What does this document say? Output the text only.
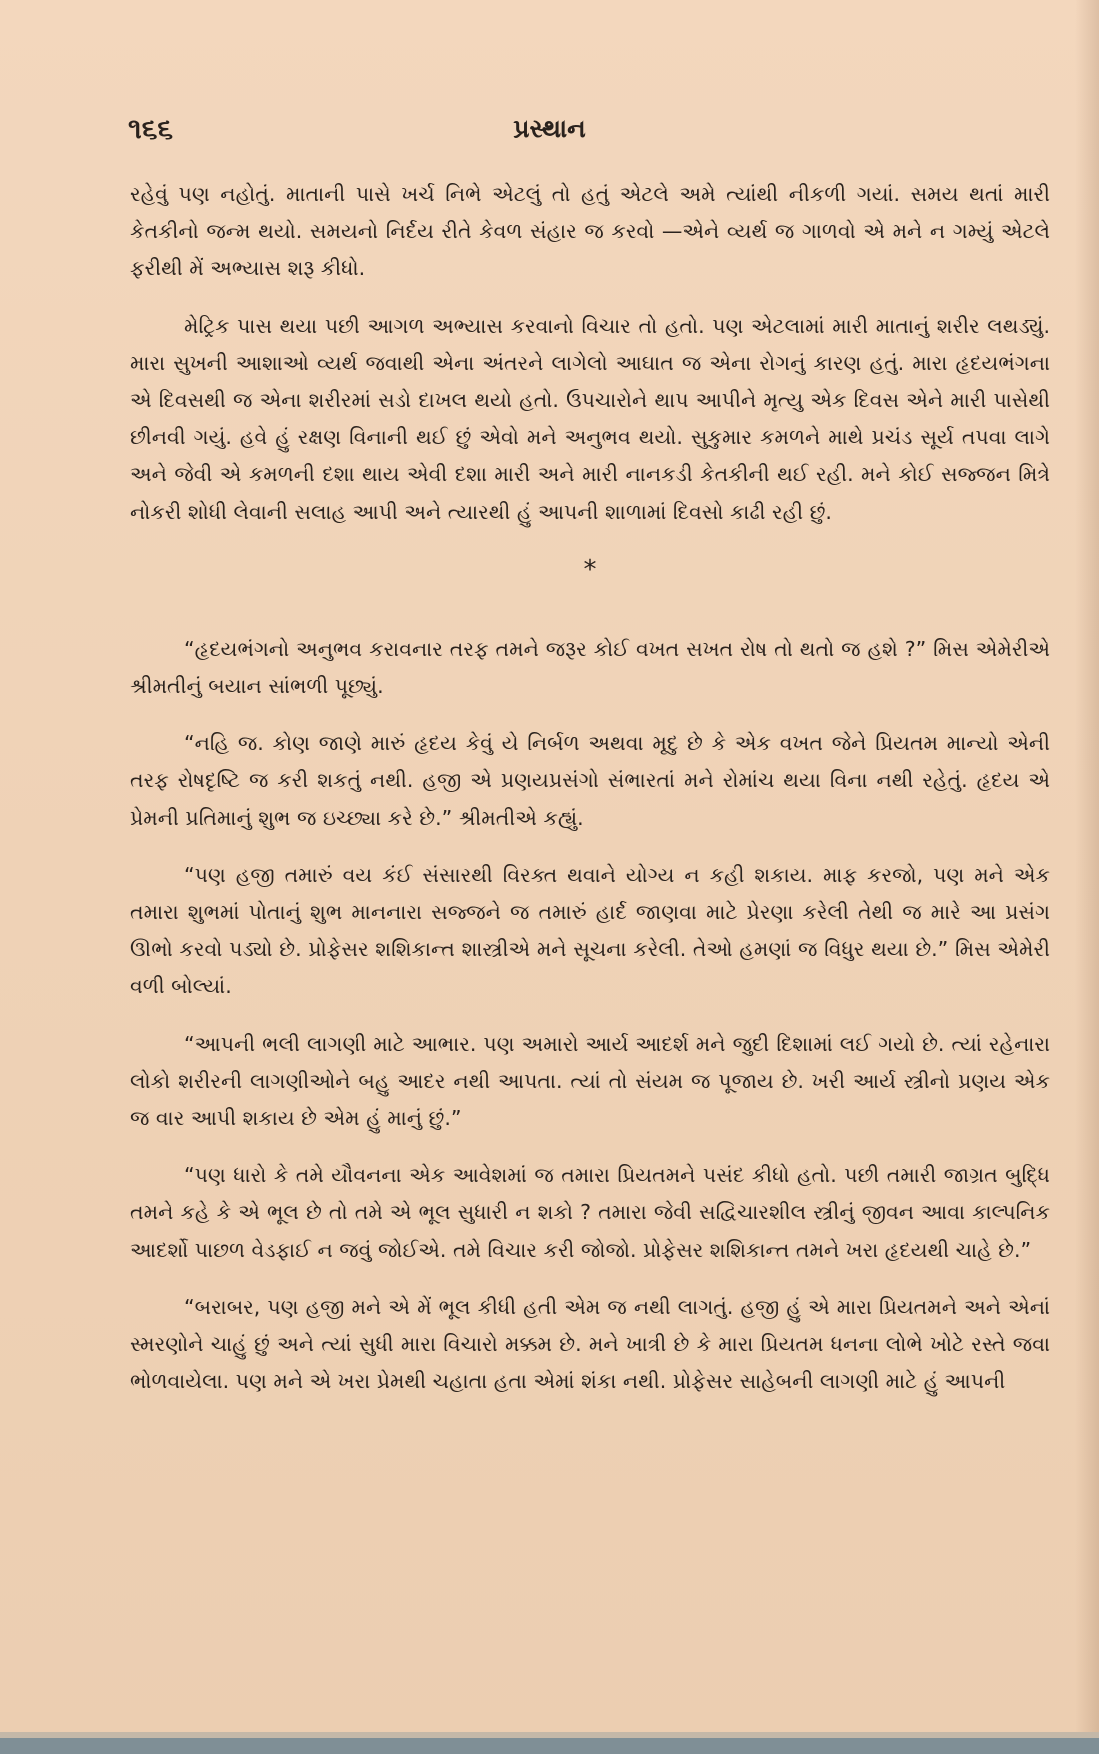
૧૬૬	પ્રસ્થાન

રહેવું પણ નહોતું. માતાની પાસે ખર્ચ નિભે એટલું તો હતું એટલે અમે ત્યાંથી નીકળી ગયાં. સમય થતાં મારી કેતકીનો જન્મ થયો. સમયનો નિર્દય રીતે કેવળ સંહાર જ કરવો —એને વ્યર્થ જ ગાળવો એ મને ન ગમ્યું એટલે ફરીથી મેં અભ્યાસ શરૂ કીધો.

મેટ્રિક પાસ થયા પછી આગળ અભ્યાસ કરવાનો વિચાર તો હતો. પણ એટલામાં મારી માતાનું શરીર લથડ્યું. મારા સુખની આશાઓ વ્યર્થ જવાથી એના અંતરને લાગેલો આઘાત જ એના રોગનું કારણ હતું. મારા હૃદયભંગના એ દિવસથી જ એના શરીરમાં સડો દાખલ થયો હતો. ઉપચારોને થાપ આપીને મૃત્યુ એક દિવસ એને મારી પાસેથી છીનવી ગયું. હવે હું રક્ષણ વિનાની થઈ છું એવો મને અનુભવ થયો. સુકુમાર કમળને માથે પ્રચંડ સૂર્ય તપવા લાગે અને જેવી એ કમળની દશા થાય એવી દશા મારી અને મારી નાનકડી કેતકીની થઈ રહી. મને કોઈ સજ્જન મિત્રે નોકરી શોધી લેવાની સલાહ આપી અને ત્યારથી હું આપની શાળામાં દિવસો કાઢી રહી છું.

*

“હૃદયભંગનો અનુભવ કરાવનાર તરફ તમને જરૂર કોઈ વખત સખત રોષ તો થતો જ હશે ?” મિસ એમેરીએ શ્રીમતીનું બયાન સાંભળી પૂછ્યું.

“નહિ જ. કોણ જાણે મારું હૃદય કેવું યે નિર્બળ અથવા મૃદુ છે કે એક વખત જેને પ્રિયતમ માન્યો એની તરફ રોષદૃષ્ટિ જ કરી શકતું નથી. હજી એ પ્રણયપ્રસંગો સંભારતાં મને રોમાંચ થયા વિના નથી રહેતું. હૃદય એ પ્રેમની પ્રતિમાનું શુભ જ ઇચ્છ્યા કરે છે.” શ્રીમતીએ કહ્યું.

“પણ હજી તમારું વય કંઈ સંસારથી વિરક્ત થવાને યોગ્ય ન કહી શકાય. માફ કરજો, પણ મને એક તમારા શુભમાં પોતાનું શુભ માનનારા સજ્જને જ તમારું હાર્દ જાણવા માટે પ્રેરણા કરેલી તેથી જ મારે આ પ્રસંગ ઊભો કરવો પડ્યો છે. પ્રોફેસર શશિકાન્ત શાસ્ત્રીએ મને સૂચના કરેલી. તેઓ હમણાં જ વિધુર થયા છે.” મિસ એમેરી વળી બોલ્યાં.

“આપની ભલી લાગણી માટે આભાર. પણ અમારો આર્ય આદર્શ મને જુદી દિશામાં લઈ ગયો છે. ત્યાં રહેનારા લોકો શરીરની લાગણીઓને બહુ આદર નથી આપતા. ત્યાં તો સંયમ જ પૂજાય છે. ખરી આર્ય સ્ત્રીનો પ્રણય એક જ વાર આપી શકાય છે એમ હું માનું છું.”

“પણ ધારો કે તમે યૌવનના એક આવેશમાં જ તમારા પ્રિયતમને પસંદ કીધો હતો. પછી તમારી જાગ્રત બુદ્ધિ તમને કહે કે એ ભૂલ છે તો તમે એ ભૂલ સુધારી ન શકો ? તમારા જેવી સદ્વિચારશીલ સ્ત્રીનું જીવન આવા કાલ્પનિક આદર્શો પાછળ વેડફાઈ ન જવું જોઈએ. તમે વિચાર કરી જોજો. પ્રોફેસર શશિકાન્ત તમને ખરા હૃદયથી ચાહે છે.”

“બરાબર, પણ હજી મને એ મેં ભૂલ કીધી હતી એમ જ નથી લાગતું. હજી હું એ મારા પ્રિયતમને અને એનાં સ્મરણોને ચાહું છું અને ત્યાં સુધી મારા વિચારો મક્કમ છે. મને ખાત્રી છે કે મારા પ્રિયતમ ધનના લોભે ખોટે રસ્તે જવા ભોળવાયેલા. પણ મને એ ખરા પ્રેમથી ચહાતા હતા એમાં શંકા નથી. પ્રોફેસર સાહેબની લાગણી માટે હું આપની
